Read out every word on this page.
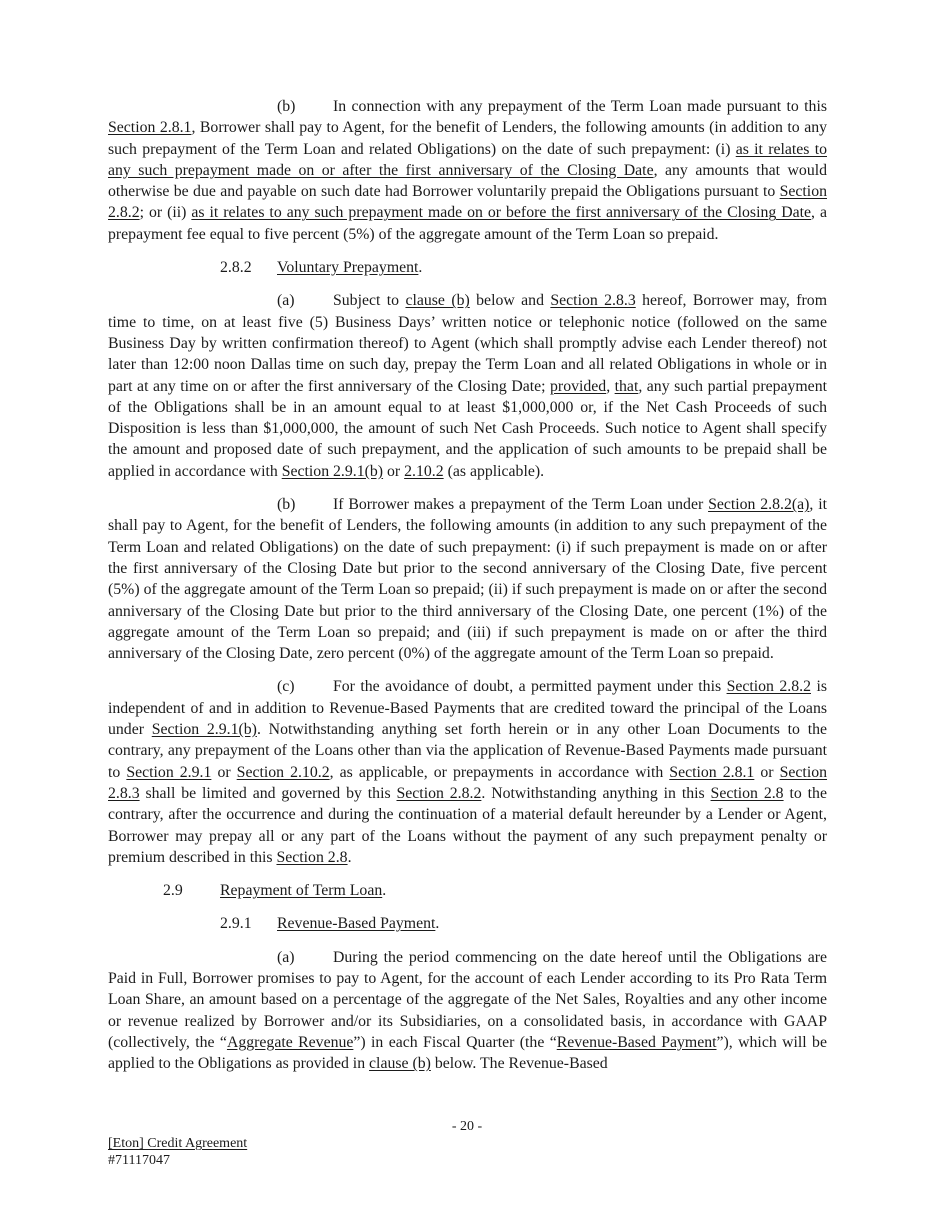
(b) In connection with any prepayment of the Term Loan made pursuant to this Section 2.8.1, Borrower shall pay to Agent, for the benefit of Lenders, the following amounts (in addition to any such prepayment of the Term Loan and related Obligations) on the date of such prepayment: (i) as it relates to any such prepayment made on or after the first anniversary of the Closing Date, any amounts that would otherwise be due and payable on such date had Borrower voluntarily prepaid the Obligations pursuant to Section 2.8.2; or (ii) as it relates to any such prepayment made on or before the first anniversary of the Closing Date, a prepayment fee equal to five percent (5%) of the aggregate amount of the Term Loan so prepaid.

2.8.2 Voluntary Prepayment.

(a) Subject to clause (b) below and Section 2.8.3 hereof, Borrower may, from time to time, on at least five (5) Business Days’ written notice or telephonic notice (followed on the same Business Day by written confirmation thereof) to Agent (which shall promptly advise each Lender thereof) not later than 12:00 noon Dallas time on such day, prepay the Term Loan and all related Obligations in whole or in part at any time on or after the first anniversary of the Closing Date; provided, that, any such partial prepayment of the Obligations shall be in an amount equal to at least $1,000,000 or, if the Net Cash Proceeds of such Disposition is less than $1,000,000, the amount of such Net Cash Proceeds. Such notice to Agent shall specify the amount and proposed date of such prepayment, and the application of such amounts to be prepaid shall be applied in accordance with Section 2.9.1(b) or 2.10.2 (as applicable).

(b) If Borrower makes a prepayment of the Term Loan under Section 2.8.2(a), it shall pay to Agent, for the benefit of Lenders, the following amounts (in addition to any such prepayment of the Term Loan and related Obligations) on the date of such prepayment: (i) if such prepayment is made on or after the first anniversary of the Closing Date but prior to the second anniversary of the Closing Date, five percent (5%) of the aggregate amount of the Term Loan so prepaid; (ii) if such prepayment is made on or after the second anniversary of the Closing Date but prior to the third anniversary of the Closing Date, one percent (1%) of the aggregate amount of the Term Loan so prepaid; and (iii) if such prepayment is made on or after the third anniversary of the Closing Date, zero percent (0%) of the aggregate amount of the Term Loan so prepaid.

(c) For the avoidance of doubt, a permitted payment under this Section 2.8.2 is independent of and in addition to Revenue-Based Payments that are credited toward the principal of the Loans under Section 2.9.1(b). Notwithstanding anything set forth herein or in any other Loan Documents to the contrary, any prepayment of the Loans other than via the application of Revenue-Based Payments made pursuant to Section 2.9.1 or Section 2.10.2, as applicable, or prepayments in accordance with Section 2.8.1 or Section 2.8.3 shall be limited and governed by this Section 2.8.2. Notwithstanding anything in this Section 2.8 to the contrary, after the occurrence and during the continuation of a material default hereunder by a Lender or Agent, Borrower may prepay all or any part of the Loans without the payment of any such prepayment penalty or premium described in this Section 2.8.

2.9 Repayment of Term Loan.

2.9.1 Revenue-Based Payment.

(a) During the period commencing on the date hereof until the Obligations are Paid in Full, Borrower promises to pay to Agent, for the account of each Lender according to its Pro Rata Term Loan Share, an amount based on a percentage of the aggregate of the Net Sales, Royalties and any other income or revenue realized by Borrower and/or its Subsidiaries, on a consolidated basis, in accordance with GAAP (collectively, the “Aggregate Revenue”) in each Fiscal Quarter (the “Revenue-Based Payment”), which will be applied to the Obligations as provided in clause (b) below. The Revenue-Based

- 20 -
[Eton] Credit Agreement
#71117047
